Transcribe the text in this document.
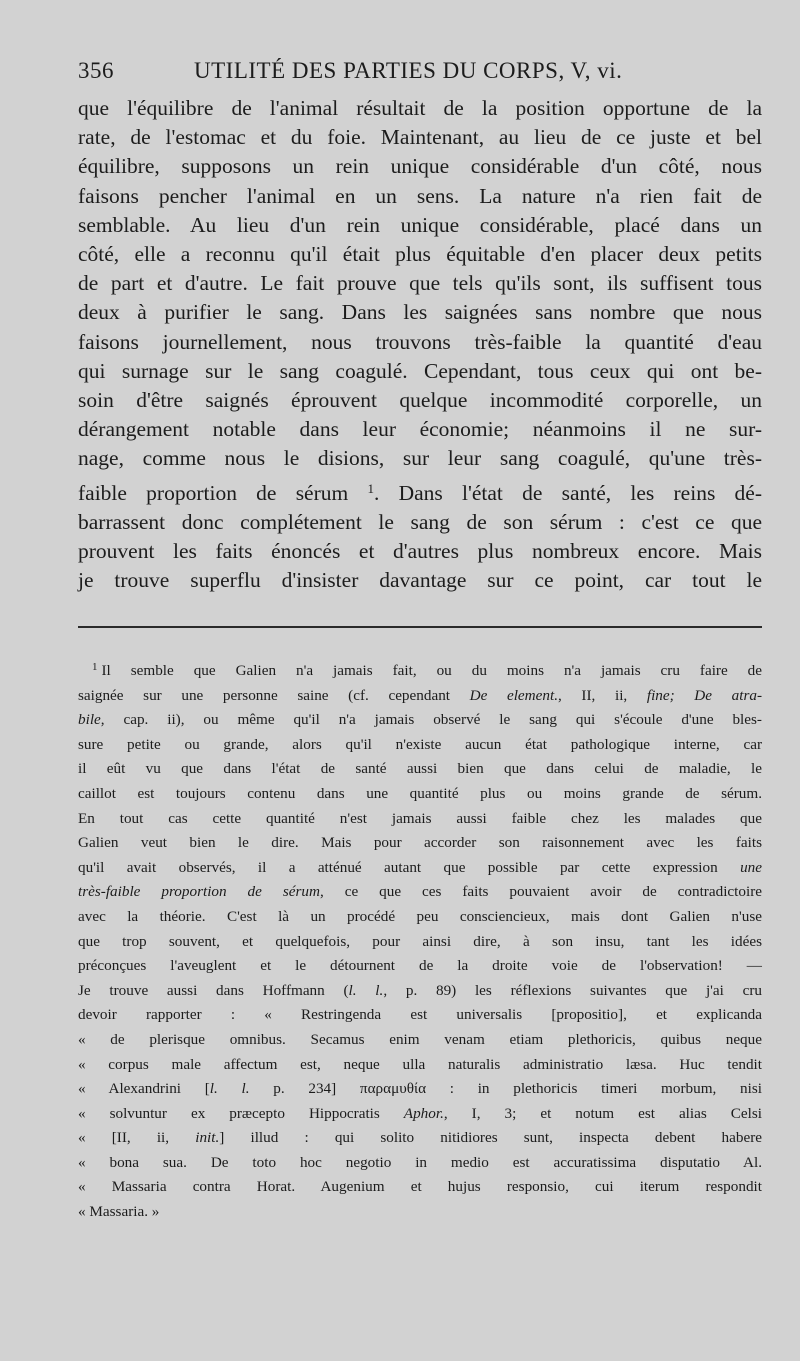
356	UTILITÉ DES PARTIES DU CORPS, V, vi.

que l'équilibre de l'animal résultait de la position opportune de la
rate, de l'estomac et du foie. Maintenant, au lieu de ce juste et bel
équilibre, supposons un rein unique considérable d'un côté, nous
faisons pencher l'animal en un sens. La nature n'a rien fait de
semblable. Au lieu d'un rein unique considérable, placé dans un
côté, elle a reconnu qu'il était plus équitable d'en placer deux petits
de part et d'autre. Le fait prouve que tels qu'ils sont, ils suffisent tous
deux à purifier le sang. Dans les saignées sans nombre que nous
faisons journellement, nous trouvons très-faible la quantité d'eau
qui surnage sur le sang coagulé. Cependant, tous ceux qui ont be-
soin d'être saignés éprouvent quelque incommodité corporelle, un
dérangement notable dans leur économie; néanmoins il ne sur-
nage, comme nous le disions, sur leur sang coagulé, qu'une très-
faible proportion de sérum $^1$. Dans l'état de santé, les reins dé-
barrassent donc complétement le sang de son sérum : c'est ce que
prouvent les faits énoncés et d'autres plus nombreux encore. Mais
je trouve superflu d'insister davantage sur ce point, car tout le

$^1$ Il semble que Galien n'a jamais fait, ou du moins n'a jamais cru faire de
saignée sur une personne saine (cf. cependant De element., II, ii, fine; De atra-
bile, cap. ii), ou même qu'il n'a jamais observé le sang qui s'écoule d'une bles-
sure petite ou grande, alors qu'il n'existe aucun état pathologique interne, car
il eût vu que dans l'état de santé aussi bien que dans celui de maladie, le
caillot est toujours contenu dans une quantité plus ou moins grande de sérum.
En tout cas cette quantité n'est jamais aussi faible chez les malades que
Galien veut bien le dire. Mais pour accorder son raisonnement avec les faits
qu'il avait observés, il a atténué autant que possible par cette expression une
très-faible proportion de sérum, ce que ces faits pouvaient avoir de contradictoire
avec la théorie. C'est là un procédé peu consciencieux, mais dont Galien n'use
que trop souvent, et quelquefois, pour ainsi dire, à son insu, tant les idées
préconçues l'aveuglent et le détournent de la droite voie de l'observation! —
Je trouve aussi dans Hoffmann (l. l., p. 89) les réflexions suivantes que j'ai cru
devoir rapporter : « Restringenda est universalis [propositio], et explicanda
« de plerisque omnibus. Secamus enim venam etiam plethoricis, quibus neque
« corpus male affectum est, neque ulla naturalis administratio læsa. Huc tendit
« Alexandrini [l. l. p. 234] παραμυθία : in plethoricis timeri morbum, nisi
« solvuntur ex præcepto Hippocratis Aphor., I, 3; et notum est alias Celsi
« [II, ii, init.] illud : qui solito nitidiores sunt, inspecta debent habere
« bona sua. De toto hoc negotio in medio est accuratissima disputatio Al.
« Massaria contra Horat. Augenium et hujus responsio, cui iterum respondit
« Massaria. »
